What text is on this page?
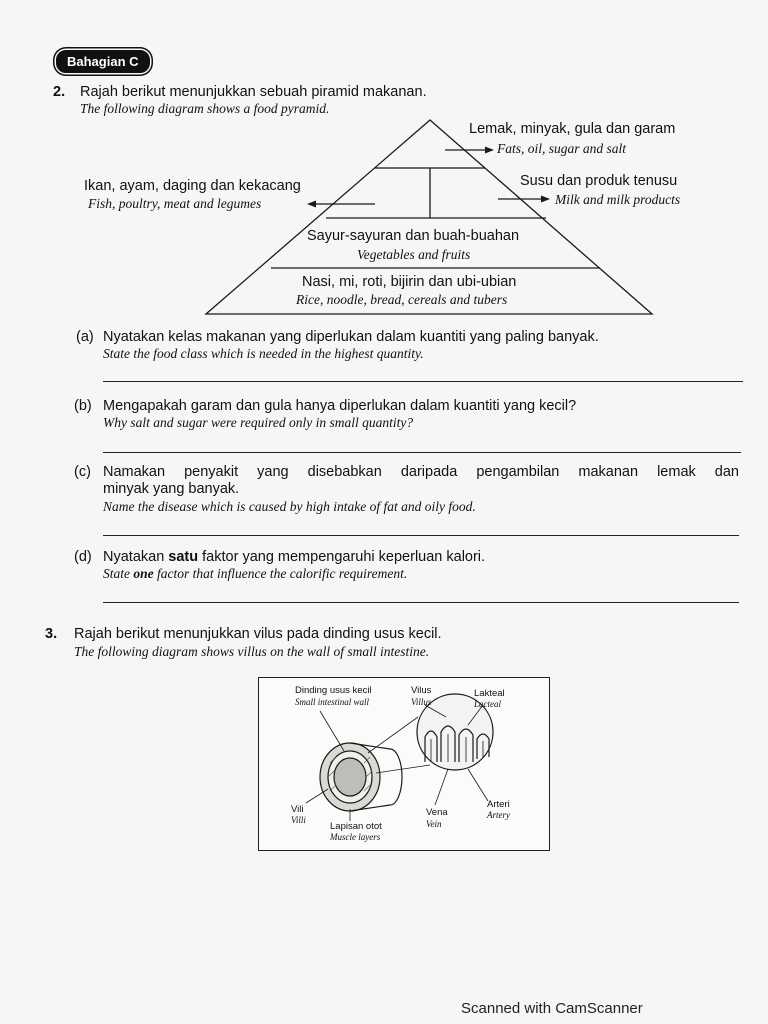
Bahagian C
2. Rajah berikut menunjukkan sebuah piramid makanan.
The following diagram shows a food pyramid.
Lemak, minyak, gula dan garam
Fats, oil, sugar and salt
Ikan, ayam, daging dan kekacang
Fish, poultry, meat and legumes
Susu dan produk tenusu
Milk and milk products
Sayur-sayuran dan buah-buahan
Vegetables and fruits
Nasi, mi, roti, bijirin dan ubi-ubian
Rice, noodle, bread, cereals and tubers
(a) Nyatakan kelas makanan yang diperlukan dalam kuantiti yang paling banyak.
State the food class which is needed in the highest quantity.
(b) Mengapakah garam dan gula hanya diperlukan dalam kuantiti yang kecil?
Why salt and sugar were required only in small quantity?
(c) Namakan penyakit yang disebabkan daripada pengambilan makanan lemak dan
minyak yang banyak.
Name the disease which is caused by high intake of fat and oily food.
(d) Nyatakan satu faktor yang mempengaruhi keperluan kalori.
State one factor that influence the calorific requirement.
3. Rajah berikut menunjukkan vilus pada dinding usus kecil.
The following diagram shows villus on the wall of small intestine.
Dinding usus kecil
Small intestinal wall
Vilus
Villus
Lakteal
Lacteal
Vili
Villi
Lapisan otot
Muscle layers
Vena
Vein
Arteri
Artery
Scanned with CamScanner
